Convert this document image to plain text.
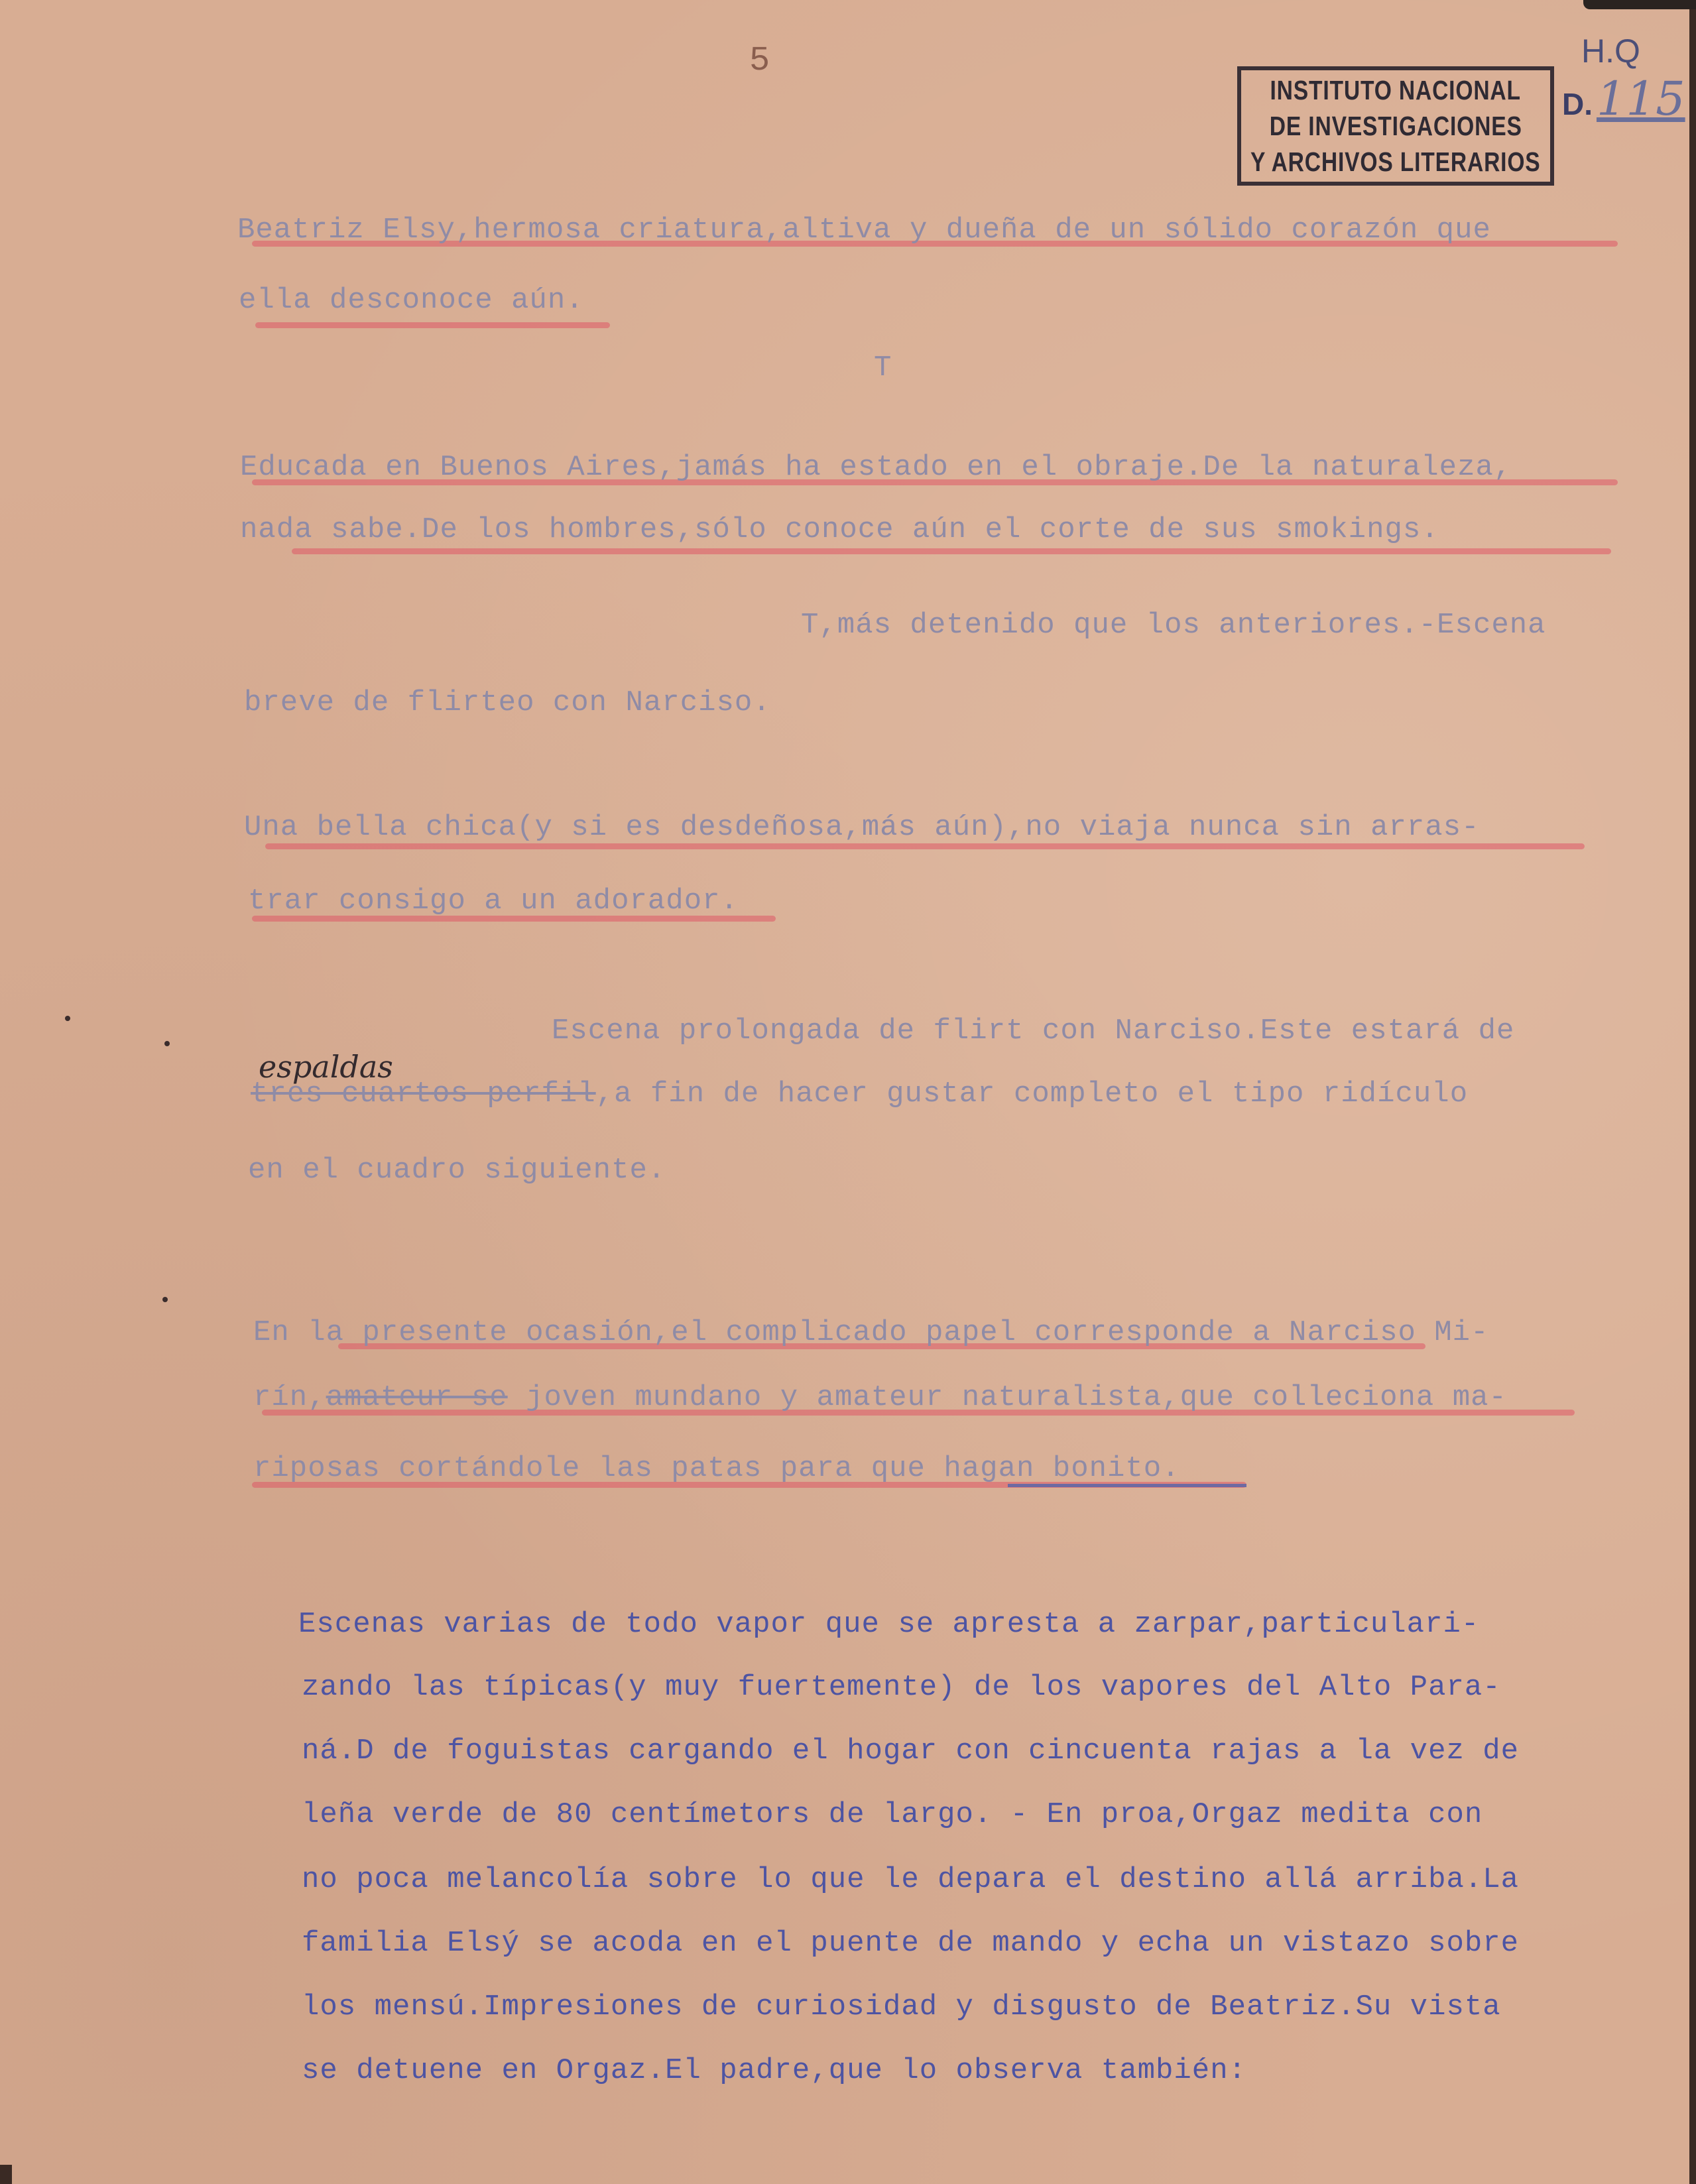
5
INSTITUTO NACIONAL
DE INVESTIGACIONES
Y ARCHIVOS LITERARIOS
H.Q
D. 115
Beatriz Elsy,hermosa criatura,altiva y dueña de un sólido corazón que
ella desconoce aún.
T
Educada en Buenos Aires,jamás ha estado en el obraje.De la naturaleza,
nada sabe.De los hombres,sólo conoce aún el corte de sus smokings.
T,más detenido que los anteriores.-Escena
breve de flirteo con Narciso.
Una bella chica(y si es desdeñosa,más aún),no viaja nunca sin arras-
trar consigo a un adorador.
Escena prolongada de flirt con Narciso.Este estará de
espaldas
tres cuartos perfil,a fin de hacer gustar completo el tipo ridículo
en el cuadro siguiente.
En la presente ocasión,el complicado papel corresponde a Narciso Mi-
rín,amateur se joven mundano y amateur naturalista,que colleciona ma-
riposas cortándole las patas para que hagan bonito.
Escenas varias de todo vapor que se apresta a zarpar,particulari-
zando las típicas(y muy fuertemente) de los vapores del Alto Para-
ná.D de foguistas cargando el hogar con cincuenta rajas a la vez de
leña verde de 80 centímetors de largo. - En proa,Orgaz medita con
no poca melancolía sobre lo que le depara el destino allá arriba.La
familia Elsý se acoda en el puente de mando y echa un vistazo sobre
los mensú.Impresiones de curiosidad y disgusto de Beatriz.Su vista
se detuene en Orgaz.El padre,que lo observa también:
